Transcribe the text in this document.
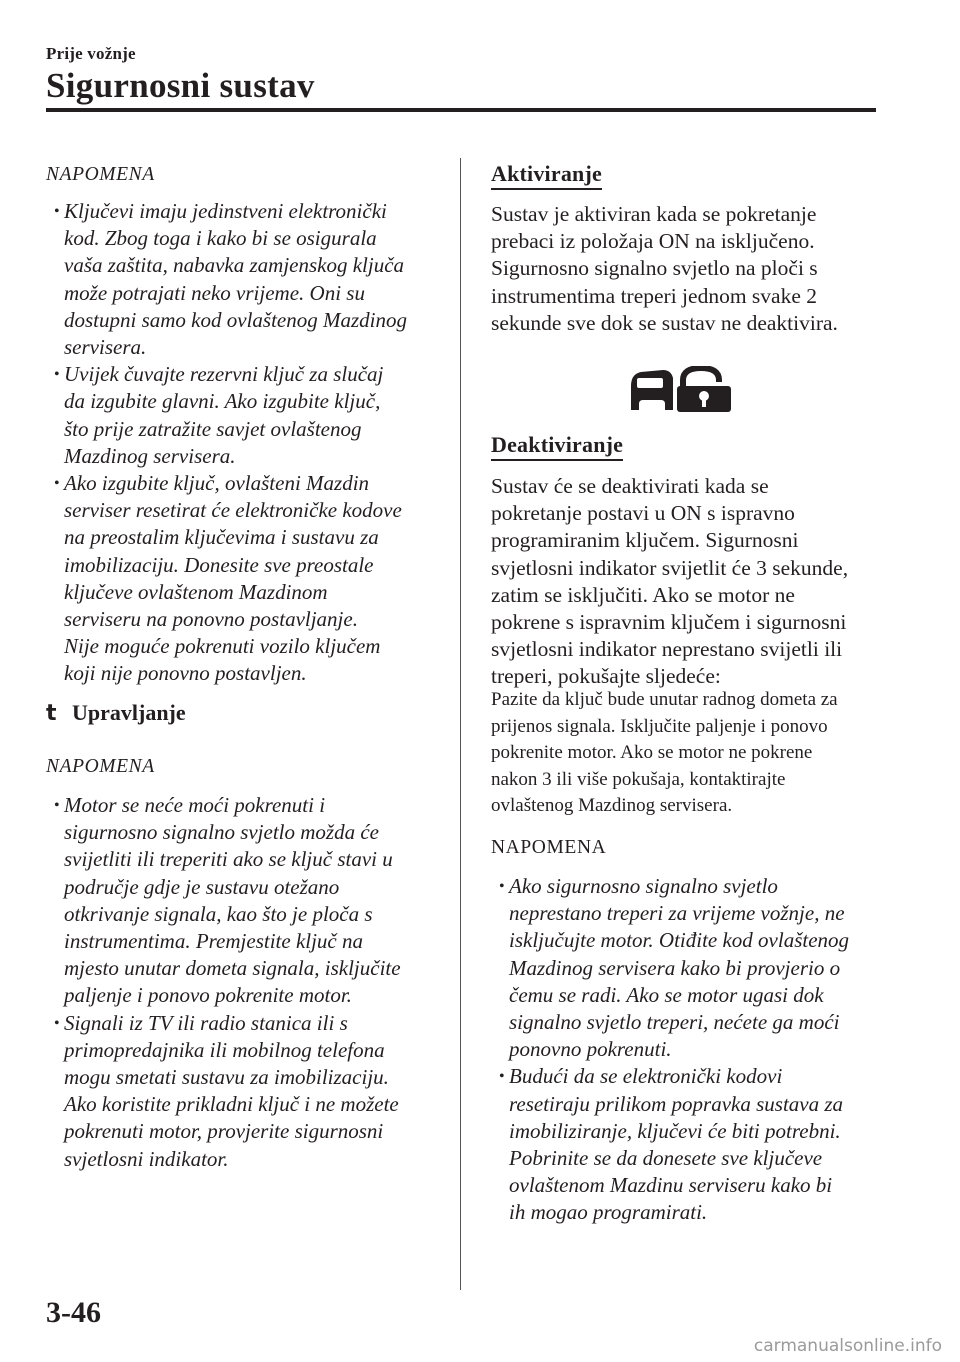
Prije vožnje
Sigurnosni sustav
NAPOMENA
• Ključevi imaju jedinstveni elektronički
kod. Zbog toga i kako bi se osigurala
vaša zaštita, nabavka zamjenskog ključa
može potrajati neko vrijeme. Oni su
dostupni samo kod ovlaštenog Mazdinog
servisera.
• Uvijek čuvajte rezervni ključ za slučaj
da izgubite glavni. Ako izgubite ključ,
što prije zatražite savjet ovlaštenog
Mazdinog servisera.
• Ako izgubite ključ, ovlašteni Mazdin
serviser resetirat će elektroničke kodove
na preostalim ključevima i sustavu za
imobilizaciju. Donesite sve preostale
ključeve ovlaštenom Mazdinom
serviseru na ponovno postavljanje.
Nije moguće pokrenuti vozilo ključem
koji nije ponovno postavljen.
t Upravljanje
NAPOMENA
• Motor se neće moći pokrenuti i
sigurnosno signalno svjetlo možda će
svijetliti ili treperiti ako se ključ stavi u
područje gdje je sustavu otežano
otkrivanje signala, kao što je ploča s
instrumentima. Premjestite ključ na
mjesto unutar dometa signala, isključite
paljenje i ponovo pokrenite motor.
• Signali iz TV ili radio stanica ili s
primopredajnika ili mobilnog telefona
mogu smetati sustavu za imobilizaciju.
Ako koristite prikladni ključ i ne možete
pokrenuti motor, provjerite sigurnosni
svjetlosni indikator.
Aktiviranje
Sustav je aktiviran kada se pokretanje
prebaci iz položaja ON na isključeno.
Sigurnosno signalno svjetlo na ploči s
instrumentima treperi jednom svake 2
sekunde sve dok se sustav ne deaktivira.
Deaktiviranje
Sustav će se deaktivirati kada se
pokretanje postavi u ON s ispravno
programiranim ključem. Sigurnosni
svjetlosni indikator svijetlit će 3 sekunde,
zatim se isključiti. Ako se motor ne
pokrene s ispravnim ključem i sigurnosni
svjetlosni indikator neprestano svijetli ili
treperi, pokušajte sljedeće:
Pazite da ključ bude unutar radnog dometa za
prijenos signala. Isključite paljenje i ponovo
pokrenite motor. Ako se motor ne pokrene
nakon 3 ili više pokušaja, kontaktirajte
ovlaštenog Mazdinog servisera.
NAPOMENA
• Ako sigurnosno signalno svjetlo
neprestano treperi za vrijeme vožnje, ne
isključujte motor. Otiđite kod ovlaštenog
Mazdinog servisera kako bi provjerio o
čemu se radi. Ako se motor ugasi dok
signalno svjetlo treperi, nećete ga moći
ponovno pokrenuti.
• Budući da se elektronički kodovi
resetiraju prilikom popravka sustava za
imobiliziranje, ključevi će biti potrebni.
Pobrinite se da donesete sve ključeve
ovlaštenom Mazdinu serviseru kako bi
ih mogao programirati.
3-46
carmanualsonline.info
